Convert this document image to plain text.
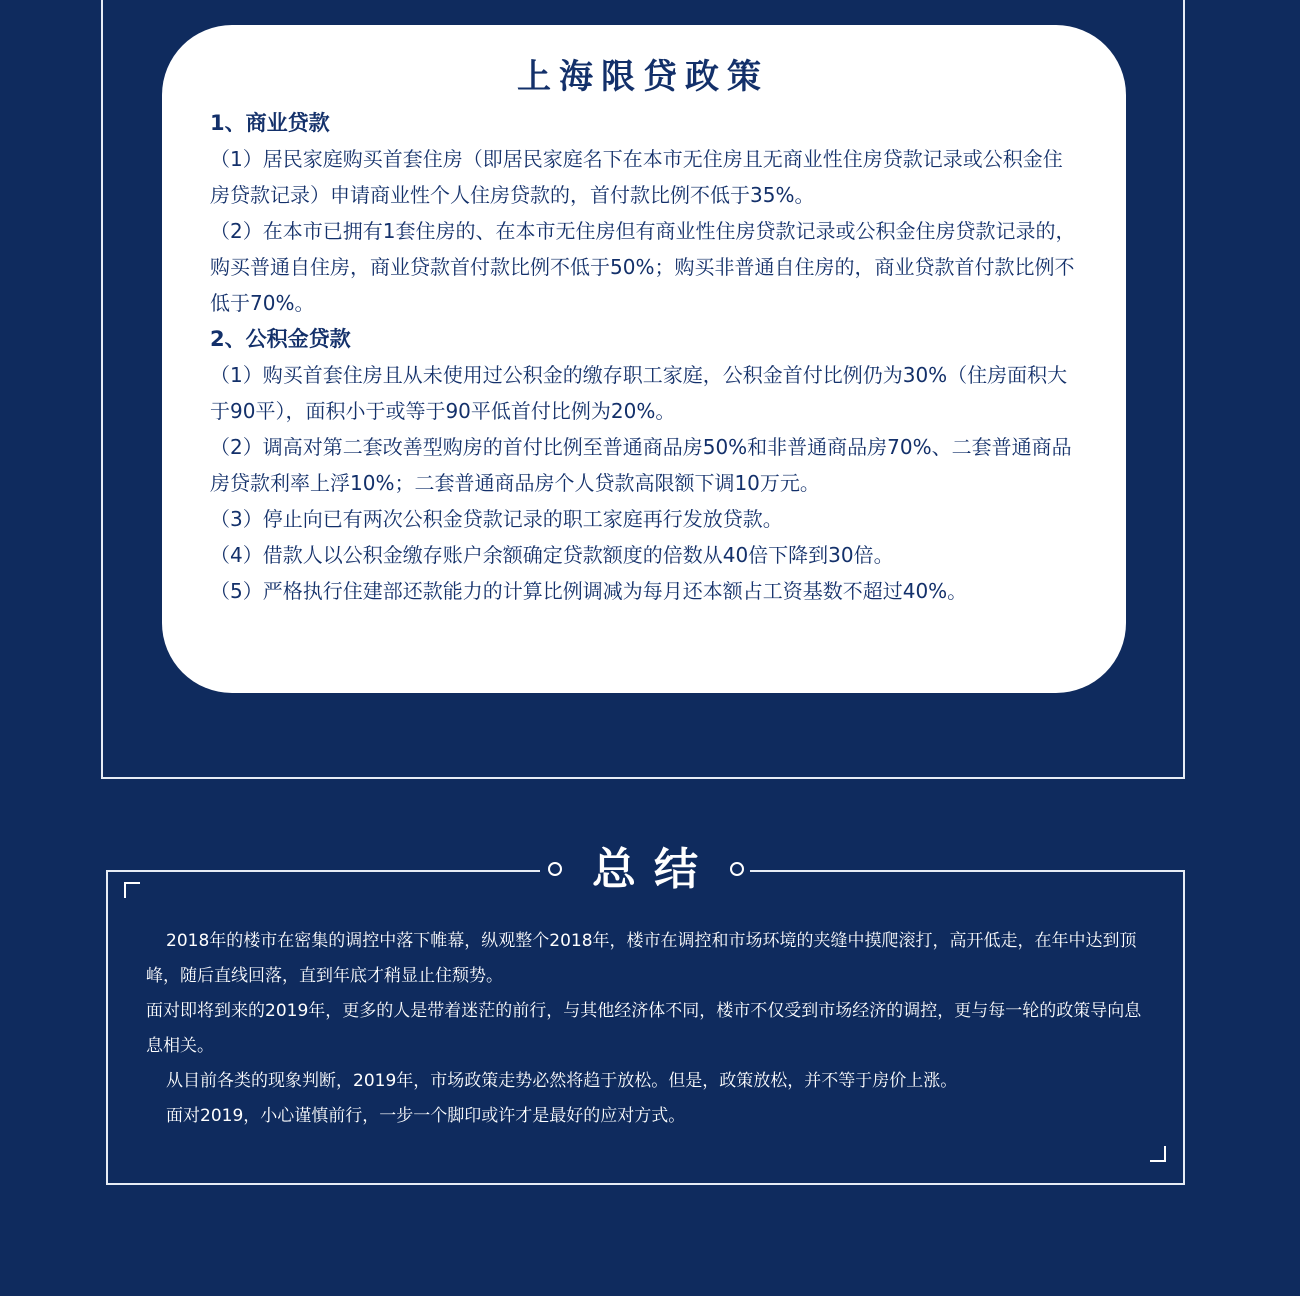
上海限贷政策
1、商业贷款

（1）居民家庭购买首套住房（即居民家庭名下在本市无住房且无商业性住房贷款记录或公积金住房贷款记录）申请商业性个人住房贷款的，首付款比例不低于35%。

（2）在本市已拥有1套住房的、在本市无住房但有商业性住房贷款记录或公积金住房贷款记录的，购买普通自住房，商业贷款首付款比例不低于50%；购买非普通自住房的，商业贷款首付款比例不低于70%。

2、公积金贷款

（1）购买首套住房且从未使用过公积金的缴存职工家庭，公积金首付比例仍为30%（住房面积大于90平），面积小于或等于90平低首付比例为20%。

（2）调高对第二套改善型购房的首付比例至普通商品房50%和非普通商品房70%、二套普通商品房贷款利率上浮10%；二套普通商品房个人贷款高限额下调10万元。

（3）停止向已有两次公积金贷款记录的职工家庭再行发放贷款。

（4）借款人以公积金缴存账户余额确定贷款额度的倍数从40倍下降到30倍。

（5）严格执行住建部还款能力的计算比例调减为每月还本额占工资基数不超过40%。

总结

2018年的楼市在密集的调控中落下帷幕，纵观整个2018年，楼市在调控和市场环境的夹缝中摸爬滚打，高开低走，在年中达到顶峰，随后直线回落，直到年底才稍显止住颓势。

面对即将到来的2019年，更多的人是带着迷茫的前行，与其他经济体不同，楼市不仅受到市场经济的调控，更与每一轮的政策导向息息相关。

从目前各类的现象判断，2019年，市场政策走势必然将趋于放松。但是，政策放松，并不等于房价上涨。

面对2019，小心谨慎前行，一步一个脚印或许才是最好的应对方式。
